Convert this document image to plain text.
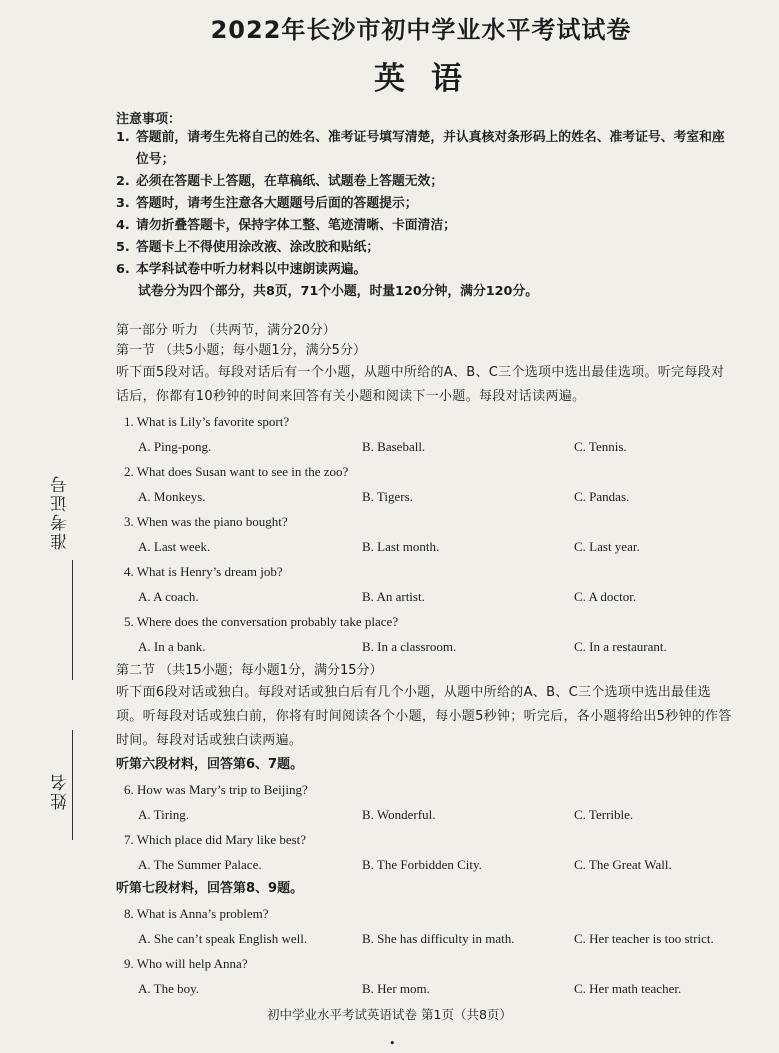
准考证号
姓名
2022年长沙市初中学业水平考试试卷
英语
注意事项：
1. 答题前，请考生先将自己的姓名、准考证号填写清楚，并认真核对条形码上的姓名、准考证号、考室和座位号；
2. 必须在答题卡上答题，在草稿纸、试题卷上答题无效；
3. 答题时，请考生注意各大题题号后面的答题提示；
4. 请勿折叠答题卡，保持字体工整、笔迹清晰、卡面清洁；
5. 答题卡上不得使用涂改液、涂改胶和贴纸；
6. 本学科试卷中听力材料以中速朗读两遍。
试卷分为四个部分，共8页，71个小题，时量120分钟，满分120分。
第一部分 听力 （共两节，满分20分）
第一节 （共5小题；每小题1分，满分5分）
听下面5段对话。每段对话后有一个小题，从题中所给的A、B、C三个选项中选出最佳选项。听完每段对话后，你都有10秒钟的时间来回答有关小题和阅读下一小题。每段对话读两遍。
1. What is Lily’s favorite sport?
A. Ping-pong.	B. Baseball.	C. Tennis.
2. What does Susan want to see in the zoo?
A. Monkeys.	B. Tigers.	C. Pandas.
3. When was the piano bought?
A. Last week.	B. Last month.	C. Last year.
4. What is Henry’s dream job?
A. A coach.	B. An artist.	C. A doctor.
5. Where does the conversation probably take place?
A. In a bank.	B. In a classroom.	C. In a restaurant.
第二节 （共15小题；每小题1分，满分15分）
听下面6段对话或独白。每段对话或独白后有几个小题，从题中所给的A、B、C三个选项中选出最佳选项。听每段对话或独白前，你将有时间阅读各个小题，每小题5秒钟；听完后，各小题将给出5秒钟的作答时间。每段对话或独白读两遍。
听第六段材料，回答第6、7题。
6. How was Mary’s trip to Beijing?
A. Tiring.	B. Wonderful.	C. Terrible.
7. Which place did Mary like best?
A. The Summer Palace.	B. The Forbidden City.	C. The Great Wall.
听第七段材料，回答第8、9题。
8. What is Anna’s problem?
A. She can’t speak English well.	B. She has difficulty in math.	C. Her teacher is too strict.
9. Who will help Anna?
A. The boy.	B. Her mom.	C. Her math teacher.
初中学业水平考试英语试卷 第1页（共8页）
•
